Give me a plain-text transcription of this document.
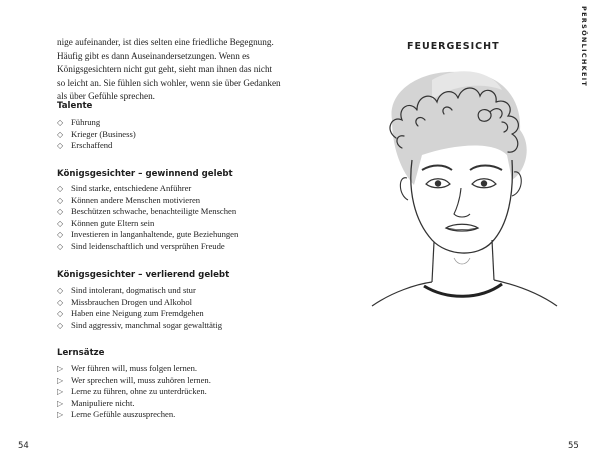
nige aufeinander, ist dies selten eine friedliche Begegnung. Häufig gibt es dann Auseinandersetzungen. Wenn es Königsgesichtern nicht gut geht, sieht man ihnen das nicht so leicht an. Sie fühlen sich wohler, wenn sie über Gedanken als über Gefühle sprechen.

Talente
◇ Führung
◇ Krieger (Business)
◇ Erschaffend
Königsgesichter – gewinnend gelebt
◇ Sind starke, entschiedene Anführer
◇ Können andere Menschen motivieren
◇ Beschützen schwache, benachteiligte Menschen
◇ Können gute Eltern sein
◇ Investieren in langanhaltende, gute Beziehungen
◇ Sind leidenschaftlich und versprühen Freude
Königsgesichter – verlierend gelebt
◇ Sind intolerant, dogmatisch und stur
◇ Missbrauchen Drogen und Alkohol
◇ Haben eine Neigung zum Fremdgehen
◇ Sind aggressiv, manchmal sogar gewalttätig
Lernsätze
▷ Wer führen will, muss folgen lernen.
▷ Wer sprechen will, muss zuhören lernen.
▷ Lerne zu führen, ohne zu unterdrücken.
▷ Manipuliere nicht.
▷ Lerne Gefühle auszusprechen.
54
FEUERGESICHT
55
PERSÖNLICHKEIT
